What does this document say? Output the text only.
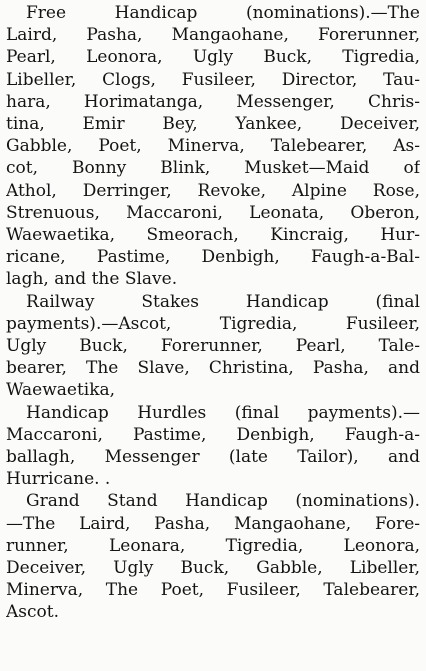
Free Handicap (nominations).—The
Laird, Pasha, Mangaohane, Forerunner,
Pearl, Leonora, Ugly Buck, Tigredia,
Libeller, Clogs, Fusileer, Director, Tau-
hara, Horimatanga, Messenger, Chris-
tina, Emir Bey, Yankee, Deceiver,
Gabble, Poet, Minerva, Talebearer, As-
cot, Bonny Blink, Musket—Maid of
Athol, Derringer, Revoke, Alpine Rose,
Strenuous, Maccaroni, Leonata, Oberon,
Waewaetika, Smeorach, Kincraig, Hur-
ricane, Pastime, Denbigh, Faugh-a-Bal-
lagh, and the Slave.

Railway Stakes Handicap (final
payments).—Ascot, Tigredia, Fusileer,
Ugly Buck, Forerunner, Pearl, Tale-
bearer, The Slave, Christina, Pasha, and
Waewaetika,

Handicap Hurdles (final payments).—
Maccaroni, Pastime, Denbigh, Faugh-a-
ballagh, Messenger (late Tailor), and
Hurricane. .

Grand Stand Handicap (nominations).
—The Laird, Pasha, Mangaohane, Fore-
runner, Leonara, Tigredia, Leonora,
Deceiver, Ugly Buck, Gabble, Libeller,
Minerva, The Poet, Fusileer, Talebearer,
Ascot.
